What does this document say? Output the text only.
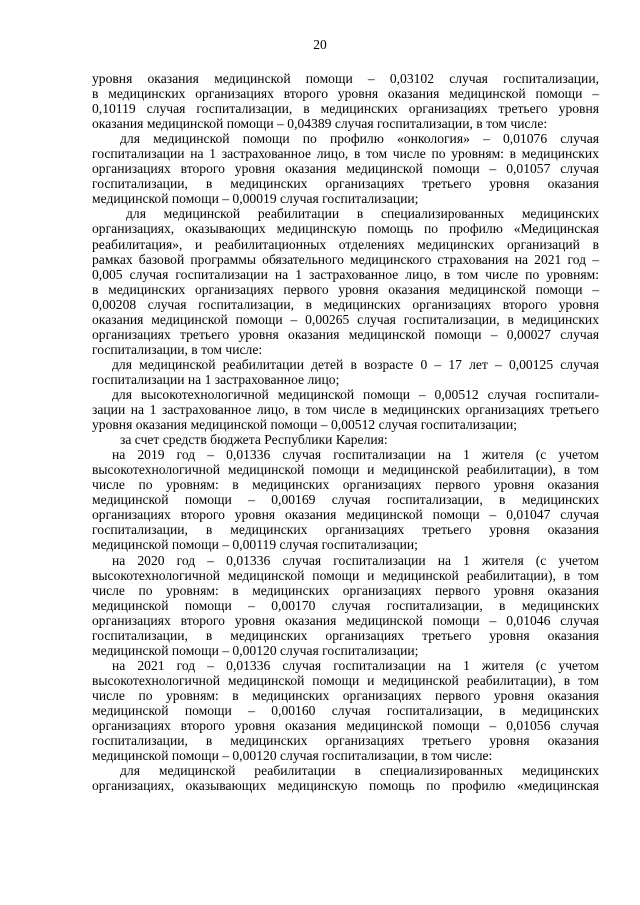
20
уровня оказания медицинской помощи – 0,03102 случая госпитализации,
в медицинских организациях второго уровня оказания медицинской помощи –
0,10119 случая госпитализации, в медицинских организациях третьего уровня
оказания медицинской помощи – 0,04389 случая госпитализации, в том числе:
для медицинской помощи по профилю «онкология» – 0,01076 случая
госпитализации на 1 застрахованное лицо, в том числе по уровням: в медицинских
организациях второго уровня оказания медицинской помощи – 0,01057 случая
госпитализации, в медицинских организациях третьего уровня оказания
медицинской помощи – 0,00019 случая госпитализации;
для медицинской реабилитации в специализированных медицинских
организациях, оказывающих медицинскую помощь по профилю «Медицинская
реабилитация», и реабилитационных отделениях медицинских организаций в
рамках базовой программы обязательного медицинского страхования на 2021 год –
0,005 случая госпитализации на 1 застрахованное лицо, в том числе по уровням:
в медицинских организациях первого уровня оказания медицинской помощи –
0,00208 случая госпитализации, в медицинских организациях второго уровня
оказания медицинской помощи – 0,00265 случая госпитализации, в медицинских
организациях третьего уровня оказания медицинской помощи – 0,00027 случая
госпитализации, в том числе:
для медицинской реабилитации детей в возрасте 0 – 17 лет – 0,00125 случая
госпитализации на 1 застрахованное лицо;
для высокотехнологичной медицинской помощи – 0,00512 случая госпитали-
зации на 1 застрахованное лицо, в том числе в медицинских организациях третьего
уровня оказания медицинской помощи – 0,00512 случая госпитализации;
за счет средств бюджета Республики Карелия:
на 2019 год – 0,01336 случая госпитализации на 1 жителя (с учетом
высокотехнологичной медицинской помощи и медицинской реабилитации), в том
числе по уровням: в медицинских организациях первого уровня оказания
медицинской помощи – 0,00169 случая госпитализации, в медицинских
организациях второго уровня оказания медицинской помощи – 0,01047 случая
госпитализации, в медицинских организациях третьего уровня оказания
медицинской помощи – 0,00119 случая госпитализации;
на 2020 год – 0,01336 случая госпитализации на 1 жителя (с учетом
высокотехнологичной медицинской помощи и медицинской реабилитации), в том
числе по уровням: в медицинских организациях первого уровня оказания
медицинской помощи – 0,00170 случая госпитализации, в медицинских
организациях второго уровня оказания медицинской помощи – 0,01046 случая
госпитализации, в медицинских организациях третьего уровня оказания
медицинской помощи – 0,00120 случая госпитализации;
на 2021 год – 0,01336 случая госпитализации на 1 жителя (с учетом
высокотехнологичной медицинской помощи и медицинской реабилитации), в том
числе по уровням: в медицинских организациях первого уровня оказания
медицинской помощи – 0,00160 случая госпитализации, в медицинских
организациях второго уровня оказания медицинской помощи – 0,01056 случая
госпитализации, в медицинских организациях третьего уровня оказания
медицинской помощи – 0,00120 случая госпитализации, в том числе:
для медицинской реабилитации в специализированных медицинских
организациях, оказывающих медицинскую помощь по профилю «медицинская
